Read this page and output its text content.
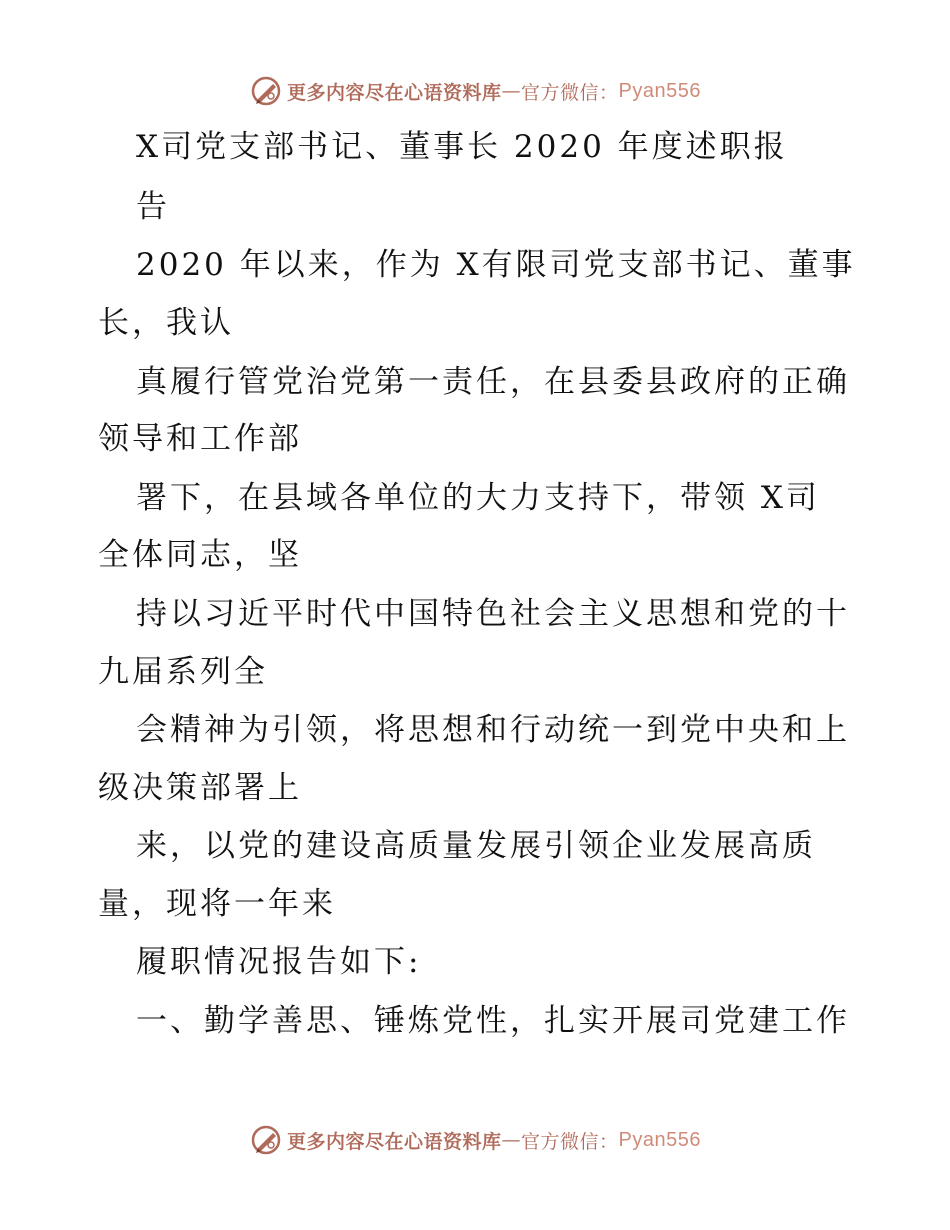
更多内容尽在心语资料库 — 官方微信： Pyan556
X司党支部书记、董事长 2020 年度述职报
告
2020 年以来，作为 X有限司党支部书记、董事
长，我认
真履行管党治党第一责任，在县委县政府的正确
领导和工作部
署下，在县域各单位的大力支持下，带领 X司
全体同志，坚
持以习近平时代中国特色社会主义思想和党的十
九届系列全
会精神为引领，将思想和行动统一到党中央和上
级决策部署上
来，以党的建设高质量发展引领企业发展高质
量，现将一年来
履职情况报告如下:
一、勤学善思、锤炼党性，扎实开展司党建工作
更多内容尽在心语资料库 — 官方微信： Pyan556
